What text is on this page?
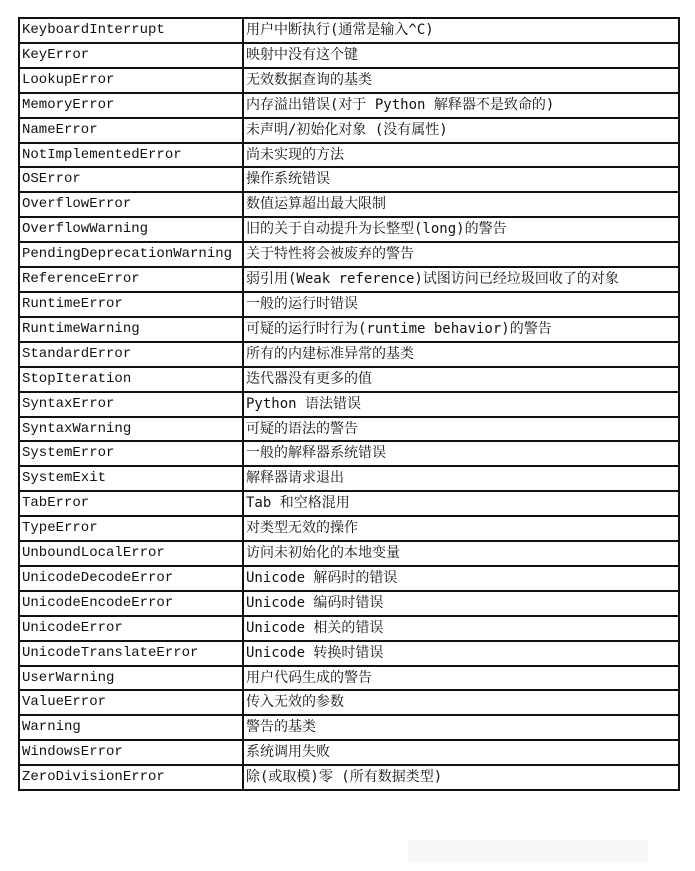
KeyboardInterrupt	用户中断执行(通常是输入^C)
KeyError	映射中没有这个键
LookupError	无效数据查询的基类
MemoryError	内存溢出错误(对于 Python 解释器不是致命的)
NameError	未声明/初始化对象 (没有属性)
NotImplementedError	尚未实现的方法
OSError	操作系统错误
OverflowError	数值运算超出最大限制
OverflowWarning	旧的关于自动提升为长整型(long)的警告
PendingDeprecationWarning	关于特性将会被废弃的警告
ReferenceError	弱引用(Weak reference)试图访问已经垃圾回收了的对象
RuntimeError	一般的运行时错误
RuntimeWarning	可疑的运行时行为(runtime behavior)的警告
StandardError	所有的内建标准异常的基类
StopIteration	迭代器没有更多的值
SyntaxError	Python 语法错误
SyntaxWarning	可疑的语法的警告
SystemError	一般的解释器系统错误
SystemExit	解释器请求退出
TabError	Tab 和空格混用
TypeError	对类型无效的操作
UnboundLocalError	访问未初始化的本地变量
UnicodeDecodeError	Unicode 解码时的错误
UnicodeEncodeError	Unicode 编码时错误
UnicodeError	Unicode 相关的错误
UnicodeTranslateError	Unicode 转换时错误
UserWarning	用户代码生成的警告
ValueError	传入无效的参数
Warning	警告的基类
WindowsError	系统调用失败
ZeroDivisionError	除(或取模)零 (所有数据类型)
